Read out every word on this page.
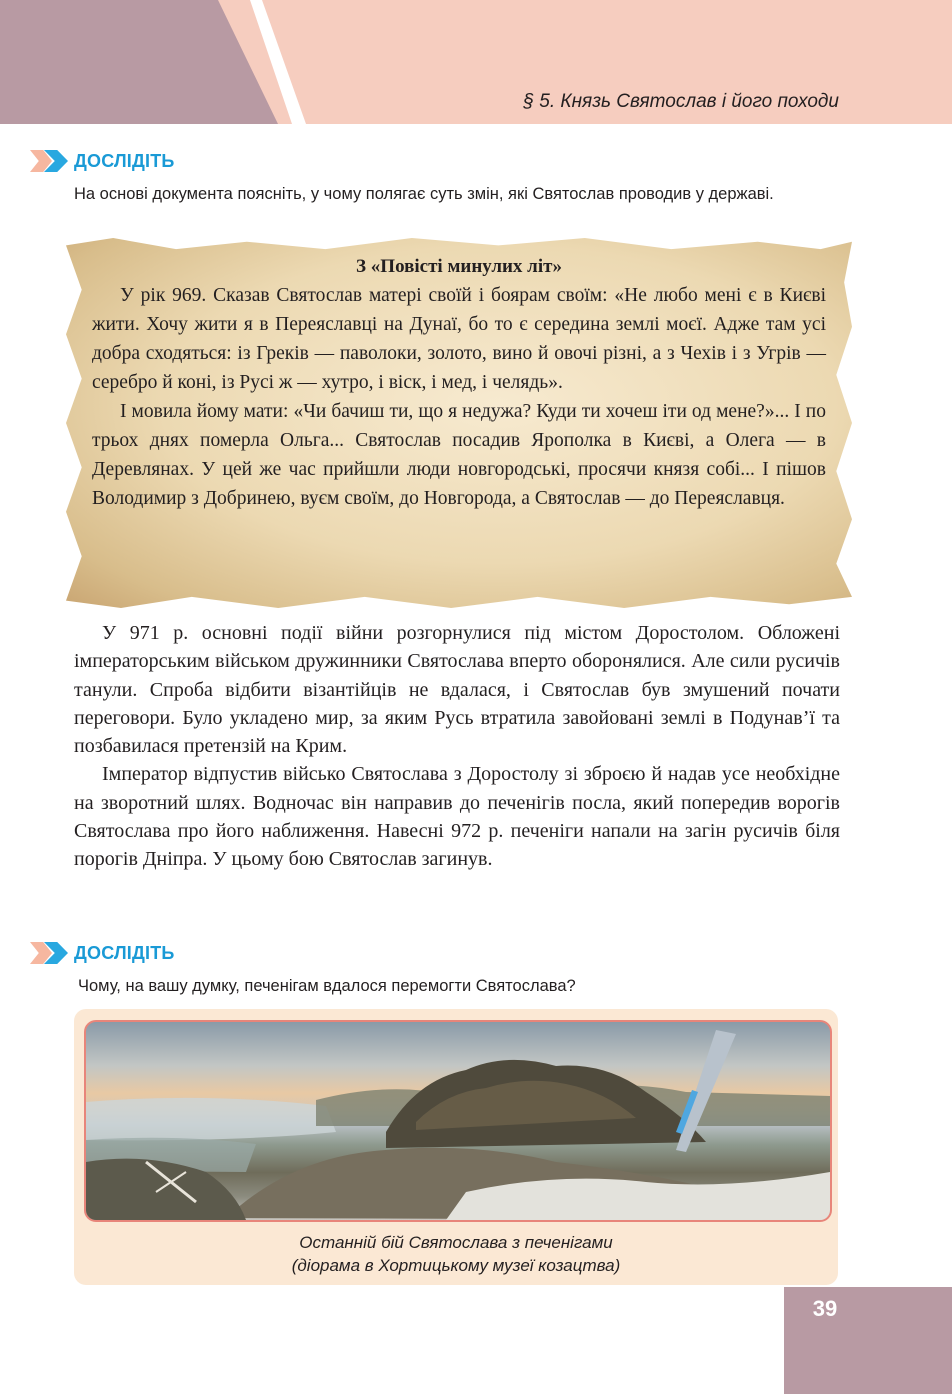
§ 5. Князь Святослав і його походи
ДОСЛІДІТЬ
На основі документа поясніть, у чому полягає суть змін, які Святослав проводив у державі.
З «Повісті минулих літ»

У рік 969. Сказав Святослав матері своїй і боярам своїм: «Не любо мені є в Києві жити. Хочу жити я в Переяславці на Дунаї, бо то є середина землі моєї. Адже там усі добра сходяться: із Греків — паволоки, золото, вино й овочі різні, а з Чехів і з Угрів — серебро й коні, із Русі ж — хутро, і віск, і мед, і челядь».

І мовила йому мати: «Чи бачиш ти, що я недужа? Куди ти хочеш іти од мене?»... І по трьох днях померла Ольга... Святослав посадив Ярополка в Києві, а Олега — в Деревлянах. У цей же час прийшли люди новгородські, просячи князя собі... І пішов Володимир з Добринею, вуєм своїм, до Новгорода, а Святослав — до Переяславця.

У 971 р. основні події війни розгорнулися під містом Доростолом. Обложені імператорським військом дружинники Святослава вперто оборонялися. Але сили русичів танули. Спроба відбити візантійців не вдалася, і Святослав був змушений почати переговори. Було укладено мир, за яким Русь втратила завойовані землі в Подунав’ї та позбавилася претензій на Крим.

Імператор відпустив військо Святослава з Доростолу зі зброєю й надав усе необхідне на зворотний шлях. Водночас він направив до печенігів посла, який попередив ворогів Святослава про його наближення. Навесні 972 р. печеніги напали на загін русичів біля порогів Дніпра. У цьому бою Святослав загинув.

ДОСЛІДІТЬ
Чому, на вашу думку, печенігам вдалося перемогти Святослава?
Останній бій Святослава з печенігами
(діорама в Хортицькому музеї козацтва)
39
